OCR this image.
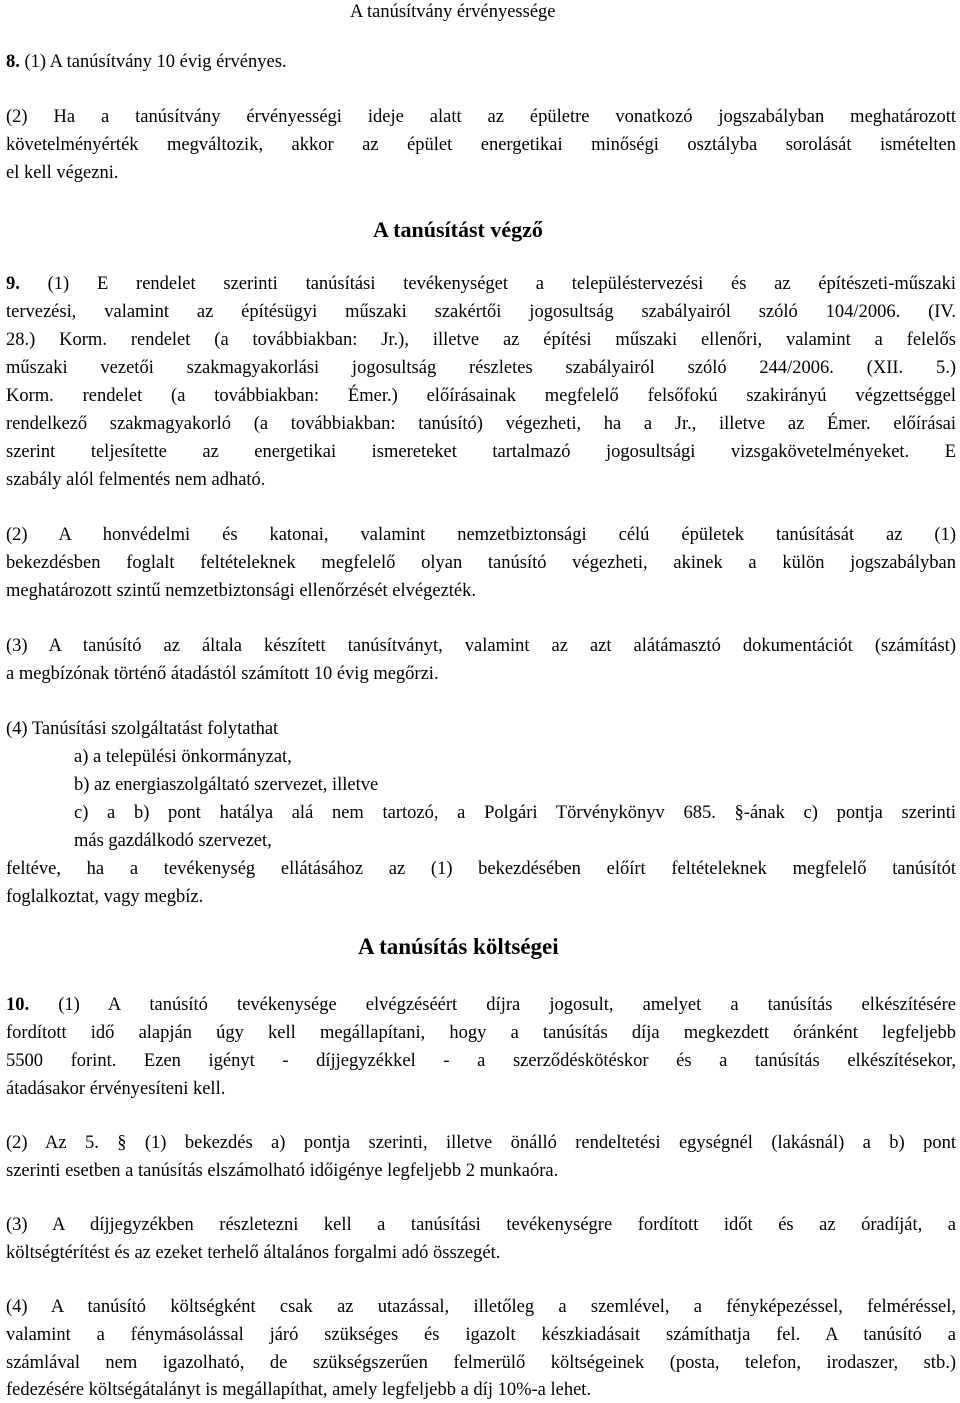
A tanúsítvány érvényessége
8. (1) A tanúsítvány 10 évig érvényes.
(2) Ha a tanúsítvány érvényességi ideje alatt az épületre vonatkozó jogszabályban meghatározott
követelményérték megváltozik, akkor az épület energetikai minőségi osztályba sorolását ismételten
el kell végezni.
A tanúsítást végző
9. (1) E rendelet szerinti tanúsítási tevékenységet a településtervezési és az építészeti-műszaki
tervezési, valamint az építésügyi műszaki szakértői jogosultság szabályairól szóló 104/2006. (IV.
28.) Korm. rendelet (a továbbiakban: Jr.), illetve az építési műszaki ellenőri, valamint a felelős
műszaki vezetői szakmagyakorlási jogosultság részletes szabályairól szóló 244/2006. (XII. 5.)
Korm. rendelet (a továbbiakban: Émer.) előírásainak megfelelő felsőfokú szakirányú végzettséggel
rendelkező szakmagyakorló (a továbbiakban: tanúsító) végezheti, ha a Jr., illetve az Émer. előírásai
szerint teljesítette az energetikai ismereteket tartalmazó jogosultsági vizsgakövetelményeket. E
szabály alól felmentés nem adható.
(2) A honvédelmi és katonai, valamint nemzetbiztonsági célú épületek tanúsítását az (1)
bekezdésben foglalt feltételeknek megfelelő olyan tanúsító végezheti, akinek a külön jogszabályban
meghatározott szintű nemzetbiztonsági ellenőrzését elvégezték.
(3) A tanúsító az általa készített tanúsítványt, valamint az azt alátámasztó dokumentációt (számítást)
a megbízónak történő átadástól számított 10 évig megőrzi.
(4) Tanúsítási szolgáltatást folytathat
a) a települési önkormányzat,
b) az energiaszolgáltató szervezet, illetve
c) a b) pont hatálya alá nem tartozó, a Polgári Törvénykönyv 685. §-ának c) pontja szerinti
más gazdálkodó szervezet,
feltéve, ha a tevékenység ellátásához az (1) bekezdésében előírt feltételeknek megfelelő tanúsítót
foglalkoztat, vagy megbíz.
A tanúsítás költségei
10. (1) A tanúsító tevékenysége elvégzéséért díjra jogosult, amelyet a tanúsítás elkészítésére
fordított idő alapján úgy kell megállapítani, hogy a tanúsítás díja megkezdett óránként legfeljebb
5500 forint. Ezen igényt - díjjegyzékkel - a szerződéskötéskor és a tanúsítás elkészítésekor,
átadásakor érvényesíteni kell.
(2) Az 5. § (1) bekezdés a) pontja szerinti, illetve önálló rendeltetési egységnél (lakásnál) a b) pont
szerinti esetben a tanúsítás elszámolható időigénye legfeljebb 2 munkaóra.
(3) A díjjegyzékben részletezni kell a tanúsítási tevékenységre fordított időt és az óradíját, a
költségtérítést és az ezeket terhelő általános forgalmi adó összegét.
(4) A tanúsító költségként csak az utazással, illetőleg a szemlével, a fényképezéssel, felméréssel,
valamint a fénymásolással járó szükséges és igazolt készkiadásait számíthatja fel. A tanúsító a
számlával nem igazolható, de szükségszerűen felmerülő költségeinek (posta, telefon, irodaszer, stb.)
fedezésére költségátalányt is megállapíthat, amely legfeljebb a díj 10%-a lehet.
